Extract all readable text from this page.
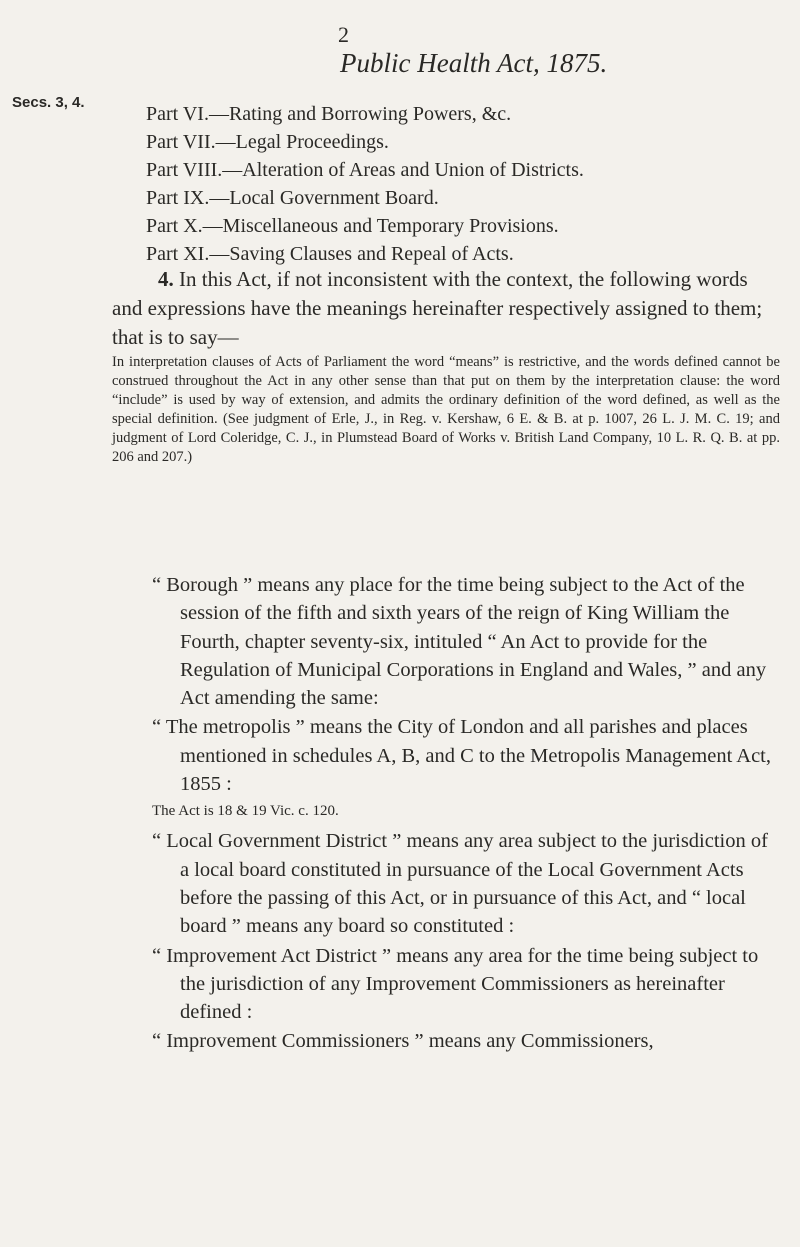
2
Public Health Act, 1875.
Secs. 3, 4.
Part VI.—Rating and Borrowing Powers, &c.
Part VII.—Legal Proceedings.
Part VIII.—Alteration of Areas and Union of Districts.
Part IX.—Local Government Board.
Part X.—Miscellaneous and Temporary Provisions.
Part XI.—Saving Clauses and Repeal of Acts.
4. In this Act, if not inconsistent with the context, the following words and expressions have the meanings hereinafter respectively assigned to them; that is to say—
In interpretation clauses of Acts of Parliament the word “means” is restrictive, and the words defined cannot be construed throughout the Act in any other sense than that put on them by the interpretation clause: the word “include” is used by way of extension, and admits the ordinary definition of the word defined, as well as the special definition. (See judgment of Erle, J., in Reg. v. Kershaw, 6 E. & B. at p. 1007, 26 L. J. M. C. 19; and judgment of Lord Coleridge, C. J., in Plumstead Board of Works v. British Land Company, 10 L. R. Q. B. at pp. 206 and 207.)
“ Borough ” means any place for the time being subject to the Act of the session of the fifth and sixth years of the reign of King William the Fourth, chapter seventy-six, intituled “ An Act to provide for the Regulation of Municipal Corporations in England and Wales, ” and any Act amending the same:
“ The metropolis ” means the City of London and all parishes and places mentioned in schedules A, B, and C to the Metropolis Management Act, 1855 :
The Act is 18 & 19 Vic. c. 120.
“ Local Government District ” means any area subject to the jurisdiction of a local board constituted in pursuance of the Local Government Acts before the passing of this Act, or in pursuance of this Act, and “ local board ” means any board so constituted :
“ Improvement Act District ” means any area for the time being subject to the jurisdiction of any Improvement Commissioners as hereinafter defined :
“ Improvement Commissioners ” means any Commissioners,
